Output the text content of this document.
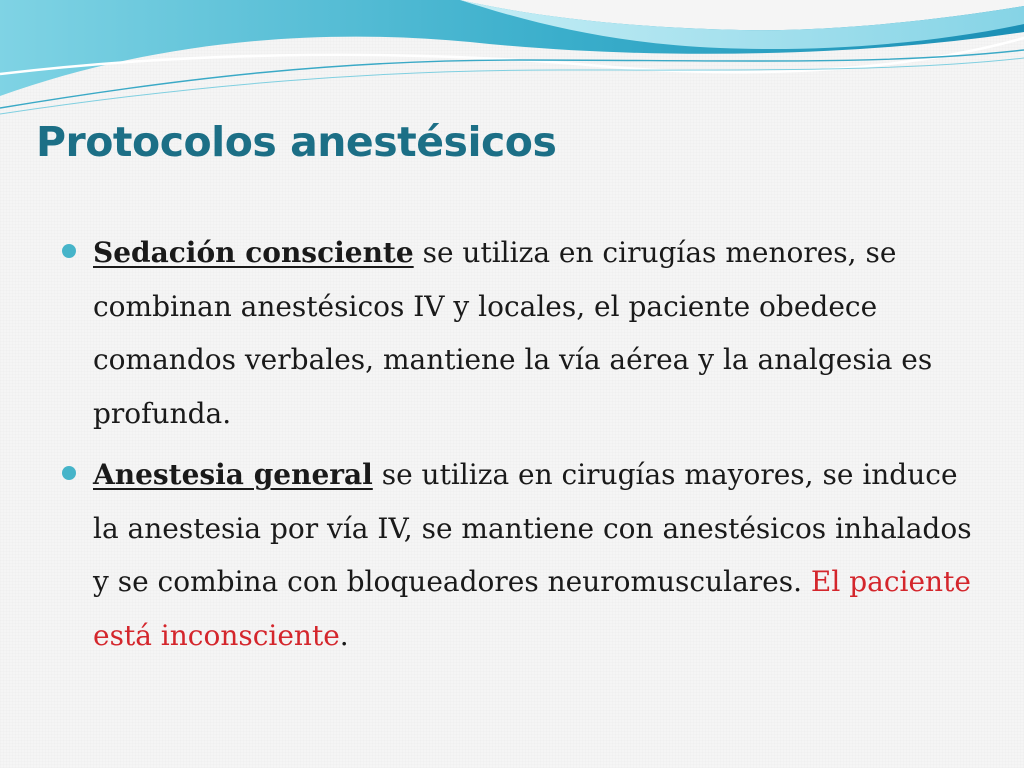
Protocolos anestésicos
Sedación consciente se utiliza en cirugías menores, se combinan anestésicos IV y locales, el paciente obedece comandos verbales, mantiene la vía aérea y la analgesia es profunda.
Anestesia general se utiliza en cirugías mayores, se induce la anestesia por vía IV, se mantiene con anestésicos inhalados y se combina con bloqueadores neuromusculares. El paciente está inconsciente.
